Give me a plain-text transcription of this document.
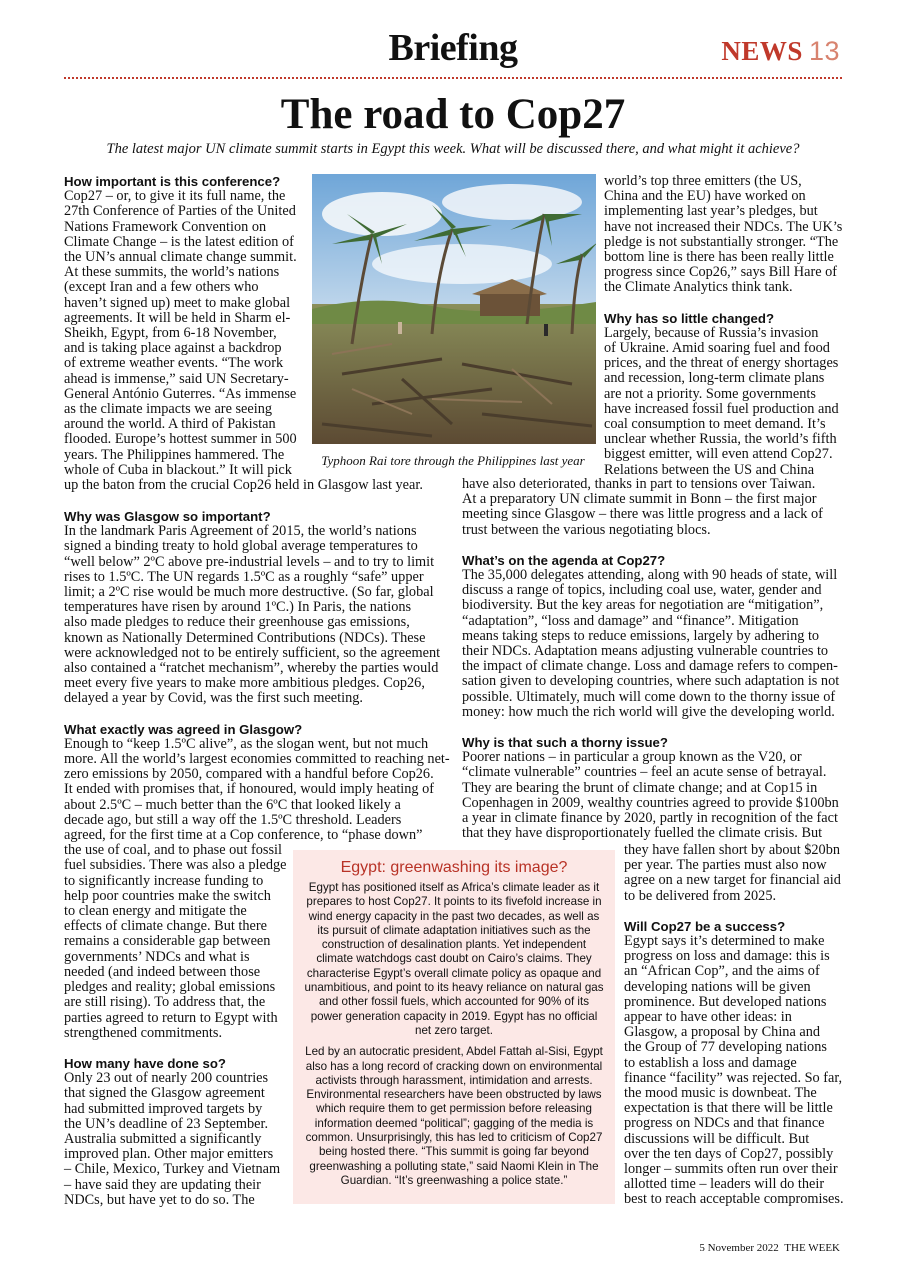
Briefing	NEWS 13
The road to Cop27
The latest major UN climate summit starts in Egypt this week. What will be discussed there, and what might it achieve?
Typhoon Rai tore through the Philippines last year

How important is this conference?

Cop27 – or, to give it its full name, the

27th Conference of Parties of the United

Nations Framework Convention on

Climate Change – is the latest edition of

the UN’s annual climate change summit.

At these summits, the world’s nations

(except Iran and a few others who

haven’t signed up) meet to make global

agreements. It will be held in Sharm el-

Sheikh, Egypt, from 6-18 November,

and is taking place against a backdrop

of extreme weather events. “The work

ahead is immense,” said UN Secretary-

General António Guterres. “As immense

as the climate impacts we are seeing

around the world. A third of Pakistan

flooded. Europe’s hottest summer in 500

years. The Philippines hammered. The

whole of Cuba in blackout.” It will pick

up the baton from the crucial Cop26 held in Glasgow last year.

Why was Glasgow so important?

In the landmark Paris Agreement of 2015, the world’s nations

signed a binding treaty to hold global average temperatures to

“well below” 2ºC above pre-industrial levels – and to try to limit

rises to 1.5ºC. The UN regards 1.5ºC as a roughly “safe” upper

limit; a 2ºC rise would be much more destructive. (So far, global

temperatures have risen by around 1ºC.) In Paris, the nations

also made pledges to reduce their greenhouse gas emissions,

known as Nationally Determined Contributions (NDCs). These

were acknowledged not to be entirely sufficient, so the agreement

also contained a “ratchet mechanism”, whereby the parties would

meet every five years to make more ambitious pledges. Cop26,

delayed a year by Covid, was the first such meeting.

What exactly was agreed in Glasgow?

Enough to “keep 1.5ºC alive”, as the slogan went, but not much

more. All the world’s largest economies committed to reaching net-

zero emissions by 2050, compared with a handful before Cop26.

It ended with promises that, if honoured, would imply heating of

about 2.5ºC – much better than the 6ºC that looked likely a

decade ago, but still a way off the 1.5ºC threshold. Leaders

agreed, for the first time at a Cop conference, to “phase down”

the use of coal, and to phase out fossil

fuel subsidies. There was also a pledge

to significantly increase funding to

help poor countries make the switch

to clean energy and mitigate the

effects of climate change. But there

remains a considerable gap between

governments’ NDCs and what is

needed (and indeed between those

pledges and reality; global emissions

are still rising). To address that, the

parties agreed to return to Egypt with

strengthened commitments.

How many have done so?

Only 23 out of nearly 200 countries

that signed the Glasgow agreement

had submitted improved targets by

the UN’s deadline of 23 September.

Australia submitted a significantly

improved plan. Other major emitters

– Chile, Mexico, Turkey and Vietnam

– have said they are updating their

NDCs, but have yet to do so. The

world’s top three emitters (the US,

China and the EU) have worked on

implementing last year’s pledges, but

have not increased their NDCs. The UK’s

pledge is not substantially stronger. “The

bottom line is there has been really little

progress since Cop26,” says Bill Hare of

the Climate Analytics think tank.

Why has so little changed?

Largely, because of Russia’s invasion

of Ukraine. Amid soaring fuel and food

prices, and the threat of energy shortages

and recession, long-term climate plans

are not a priority. Some governments

have increased fossil fuel production and

coal consumption to meet demand. It’s

unclear whether Russia, the world’s fifth

biggest emitter, will even attend Cop27.

Relations between the US and China

have also deteriorated, thanks in part to tensions over Taiwan.

At a preparatory UN climate summit in Bonn – the first major

meeting since Glasgow – there was little progress and a lack of

trust between the various negotiating blocs.

What’s on the agenda at Cop27?

The 35,000 delegates attending, along with 90 heads of state, will

discuss a range of topics, including coal use, water, gender and

biodiversity. But the key areas for negotiation are “mitigation”,

“adaptation”, “loss and damage” and “finance”. Mitigation

means taking steps to reduce emissions, largely by adhering to

their NDCs. Adaptation means adjusting vulnerable countries to

the impact of climate change. Loss and damage refers to compen-

sation given to developing countries, where such adaptation is not

possible. Ultimately, much will come down to the thorny issue of

money: how much the rich world will give the developing world.

Why is that such a thorny issue?

Poorer nations – in particular a group known as the V20, or

“climate vulnerable” countries – feel an acute sense of betrayal.

They are bearing the brunt of climate change; and at Cop15 in

Copenhagen in 2009, wealthy countries agreed to provide $100bn

a year in climate finance by 2020, partly in recognition of the fact

that they have disproportionately fuelled the climate crisis. But

they have fallen short by about $20bn

per year. The parties must also now

agree on a new target for financial aid

to be delivered from 2025.

Will Cop27 be a success?

Egypt says it’s determined to make

progress on loss and damage: this is

an “African Cop”, and the aims of

developing nations will be given

prominence. But developed nations

appear to have other ideas: in

Glasgow, a proposal by China and

the Group of 77 developing nations

to establish a loss and damage

finance “facility” was rejected. So far,

the mood music is downbeat. The

expectation is that there will be little

progress on NDCs and that finance

discussions will be difficult. But

over the ten days of Cop27, possibly

longer – summits often run over their

allotted time – leaders will do their

best to reach acceptable compromises.

Egypt: greenwashing its image?

Egypt has positioned itself as Africa’s climate leader as it prepares to host Cop27. It points to its fivefold increase in wind energy capacity in the past two decades, as well as its pursuit of climate adaptation initiatives such as the construction of desalination plants. Yet independent climate watchdogs cast doubt on Cairo’s claims. They characterise Egypt’s overall climate policy as opaque and unambitious, and point to its heavy reliance on natural gas and other fossil fuels, which accounted for 90% of its power generation capacity in 2019. Egypt has no official net zero target.

Led by an autocratic president, Abdel Fattah al-Sisi, Egypt also has a long record of cracking down on environmental activists through harassment, intimidation and arrests. Environmental researchers have been obstructed by laws which require them to get permission before releasing information deemed “political”; gagging of the media is common. Unsurprisingly, this has led to criticism of Cop27 being hosted there. “This summit is going far beyond greenwashing a polluting state,” said Naomi Klein in The Guardian. “It’s greenwashing a police state.”

5 November 2022 THE WEEK
